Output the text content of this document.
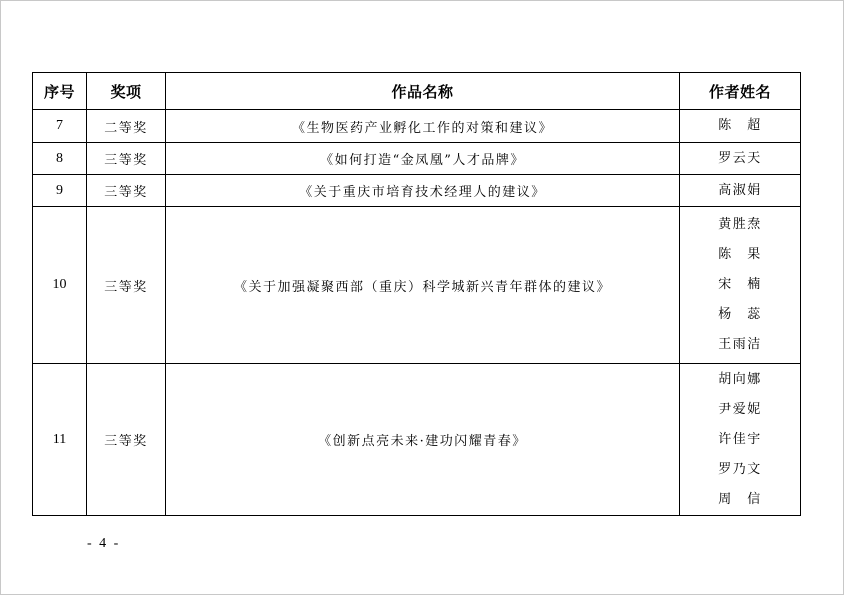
序号	奖项	作品名称	作者姓名
7	二等奖	《生物医药产业孵化工作的对策和建议》	陈　超

8	三等奖	《如何打造“金凤凰”人才品牌》	罗云天

9	三等奖	《关于重庆市培育技术经理人的建议》	高淑娟

10	三等奖	《关于加强凝聚西部（重庆）科学城新兴青年群体的建议》	黄胜焘
陈　果
宋　楠
杨　蕊
王雨洁

11	三等奖	《创新点亮未来·建功闪耀青春》	胡向娜
尹爱妮
许佳宇
罗乃文
周　信
- 4 -
